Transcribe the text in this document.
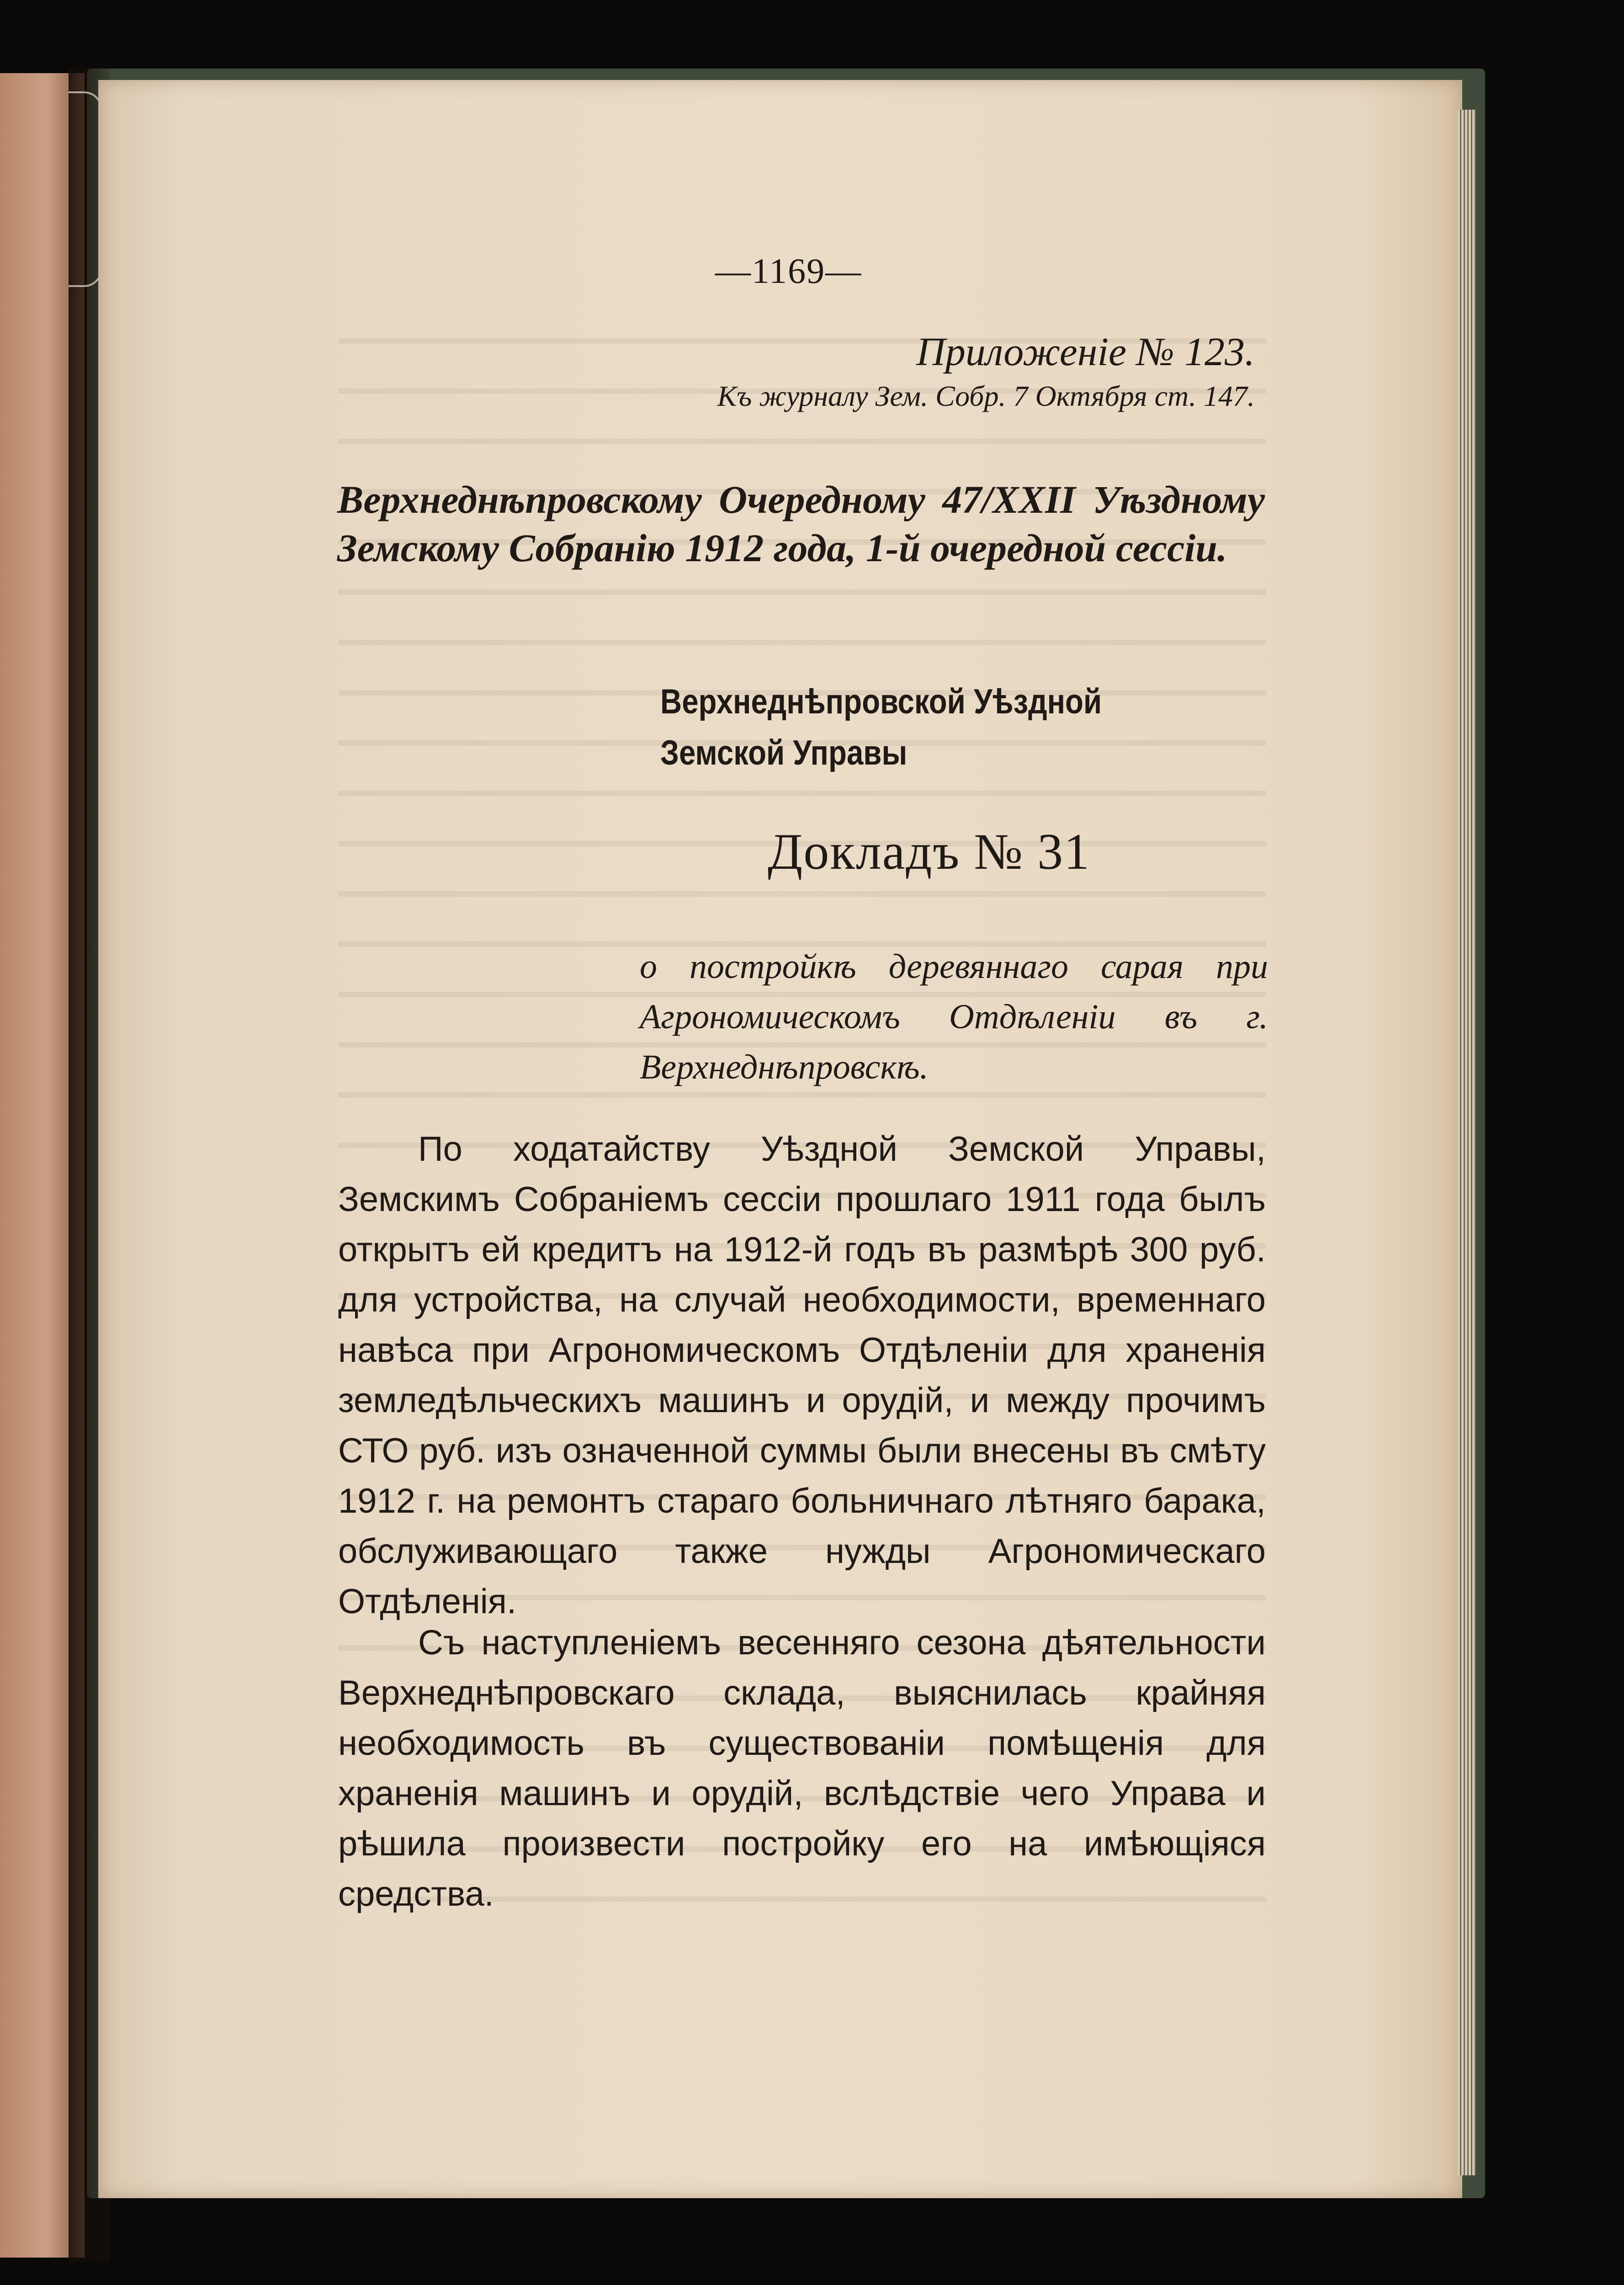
—1169—
Приложеніе № 123.
Къ журналу Зем. Собр. 7 Октября ст. 147.
Верхнеднѣпровскому Очередному 47/XXII Уѣздному Земскому Собранію 1912 года, 1-й очередной сессіи.
Верхнеднѣпровской Уѣздной Земской Управы
Докладъ № 31
о постройкѣ деревяннаго сарая при Агрономическомъ Отдѣленіи въ г. Верхнеднѣпровскѣ.
По ходатайству Уѣздной Земской Управы, Земскимъ Собраніемъ сессіи прошлаго 1911 года былъ открытъ ей кредитъ на 1912-й годъ въ размѣрѣ 300 руб. для устройства, на случай необходимости, временнаго навѣса при Агрономическомъ Отдѣленіи для храненія земледѣльческихъ машинъ и орудій, и между прочимъ СТО руб. изъ означенной суммы были внесены въ смѣту 1912 г. на ремонтъ стараго больничнаго лѣтняго барака, обслуживающаго также нужды Агрономическаго Отдѣленія.
Съ наступленіемъ весенняго сезона дѣятельности Верхнеднѣпровскаго склада, выяснилась крайняя необходимость въ существованіи помѣщенія для храненія машинъ и орудій, вслѣдствіе чего Управа и рѣшила произвести постройку его на имѣющіяся средства.
